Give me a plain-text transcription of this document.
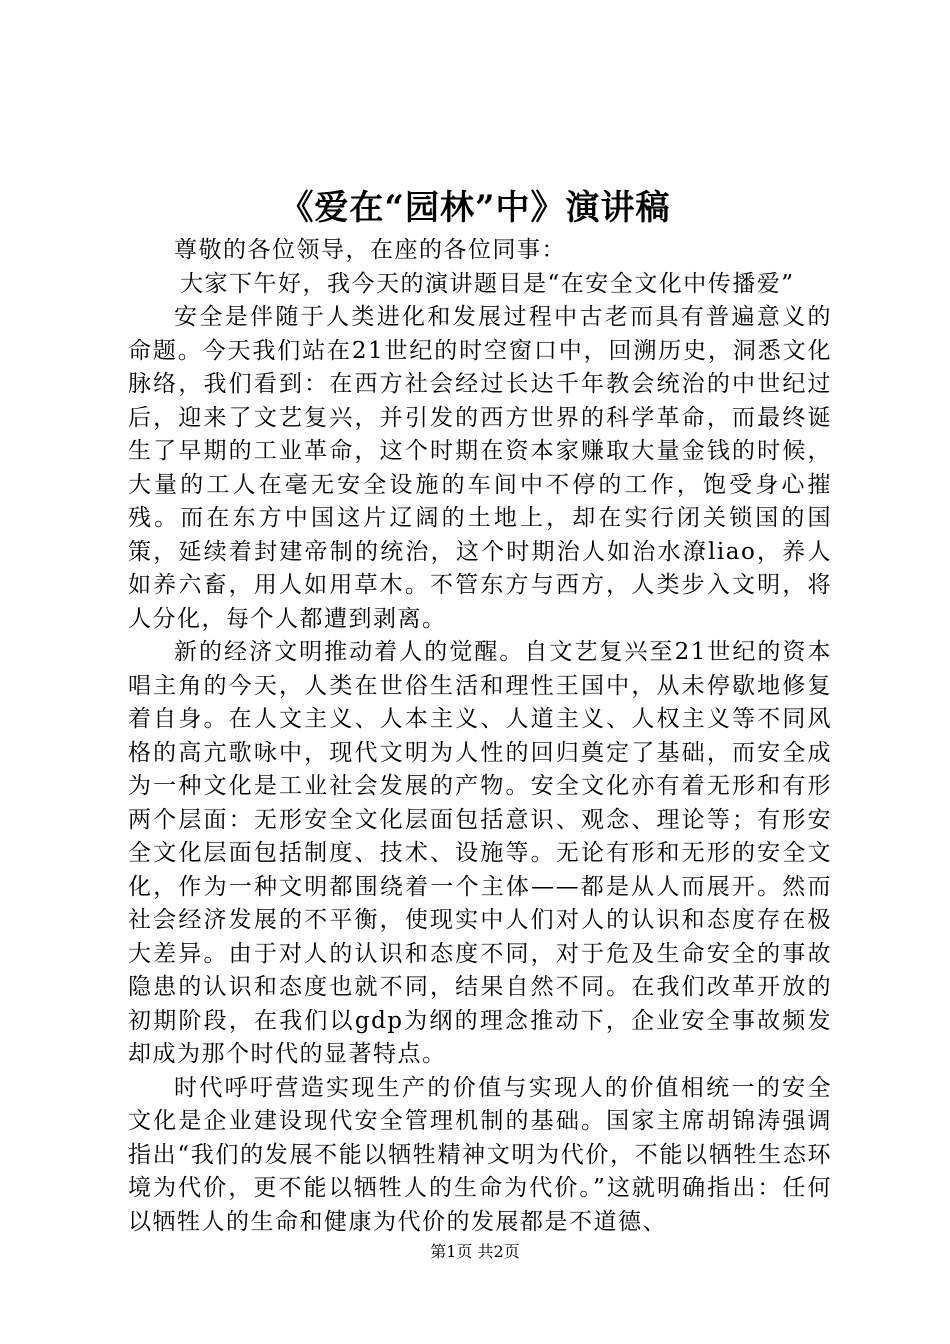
《爱在“园林”中》演讲稿

尊敬的各位领导，在座的各位同事：

大家下午好，我今天的演讲题目是“在安全文化中传播爱”

安全是伴随于人类进化和发展过程中古老而具有普遍意义的命题。今天我们站在21世纪的时空窗口中，回溯历史，洞悉文化脉络，我们看到：在西方社会经过长达千年教会统治的中世纪过后，迎来了文艺复兴，并引发的西方世界的科学革命，而最终诞生了早期的工业革命，这个时期在资本家赚取大量金钱的时候，大量的工人在毫无安全设施的车间中不停的工作，饱受身心摧残。而在东方中国这片辽阔的土地上，却在实行闭关锁国的国策，延续着封建帝制的统治，这个时期治人如治水潦liao，养人如养六畜，用人如用草木。不管东方与西方，人类步入文明，将人分化，每个人都遭到剥离。

新的经济文明推动着人的觉醒。自文艺复兴至21世纪的资本唱主角的今天，人类在世俗生活和理性王国中，从未停歇地修复着自身。在人文主义、人本主义、人道主义、人权主义等不同风格的高亢歌咏中，现代文明为人性的回归奠定了基础，而安全成为一种文化是工业社会发展的产物。安全文化亦有着无形和有形两个层面：无形安全文化层面包括意识、观念、理论等；有形安全文化层面包括制度、技术、设施等。无论有形和无形的安全文化，作为一种文明都围绕着一个主体——都是从人而展开。然而社会经济发展的不平衡，使现实中人们对人的认识和态度存在极大差异。由于对人的认识和态度不同，对于危及生命安全的事故隐患的认识和态度也就不同，结果自然不同。在我们改革开放的初期阶段，在我们以gdp为纲的理念推动下，企业安全事故频发却成为那个时代的显著特点。

时代呼吁营造实现生产的价值与实现人的价值相统一的安全文化是企业建设现代安全管理机制的基础。国家主席胡锦涛强调指出“我们的发展不能以牺牲精神文明为代价，不能以牺牲生态环境为代价，更不能以牺牲人的生命为代价。”这就明确指出：任何以牺牲人的生命和健康为代价的发展都是不道德、

第1页 共2页
